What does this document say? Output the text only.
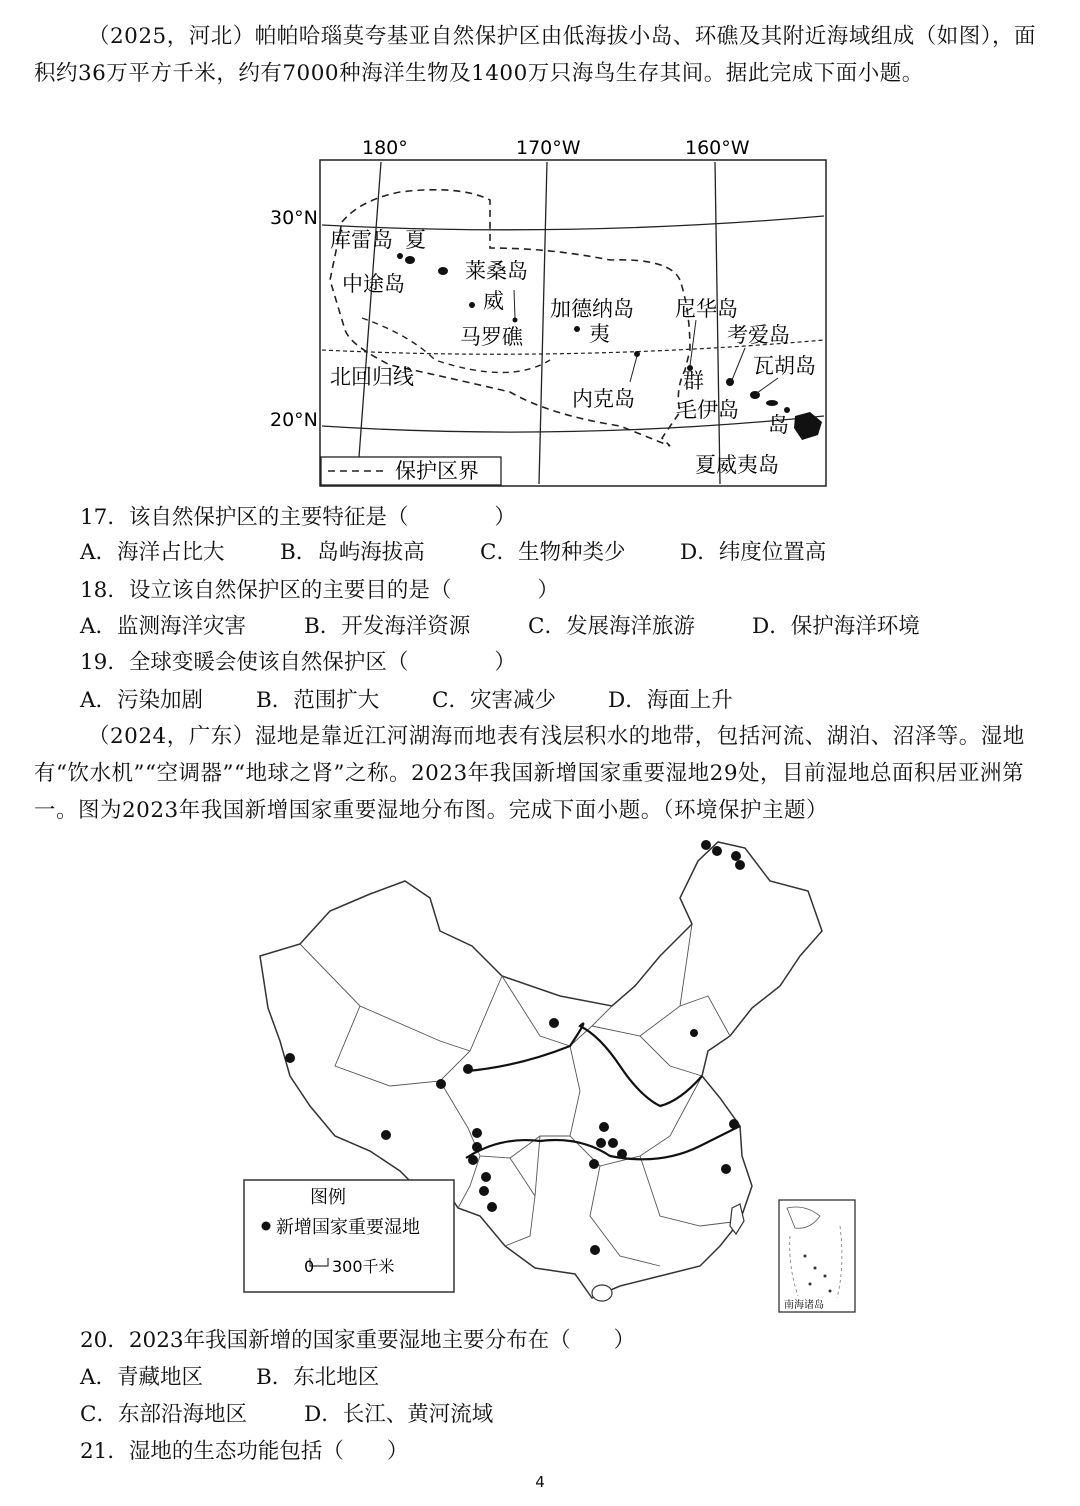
（2025，河北）帕帕哈瑙莫夸基亚自然保护区由低海拔小岛、环礁及其附近海域组成（如图），面积约36万平方千米，约有7000种海洋生物及1400万只海鸟生存其间。据此完成下面小题。
180°	170°W	160°W
30°N
20°N
库雷岛 夏
中途岛
莱桑岛
威
马罗礁
加德纳岛
夷
尼华岛
考爱岛
瓦胡岛
北回归线
内克岛
群
毛伊岛
岛
夏威夷岛
保护区界
17．该自然保护区的主要特征是（　　　　）
A．海洋占比大	B．岛屿海拔高	C．生物种类少	D．纬度位置高
18．设立该自然保护区的主要目的是（　　　　）
A．监测海洋灾害	B．开发海洋资源	C．发展海洋旅游	D．保护海洋环境
19．全球变暖会使该自然保护区（　　　　）
A．污染加剧 B．范围扩大 C．灾害减少 D．海面上升
（2024，广东）湿地是靠近江河湖海而地表有浅层积水的地带，包括河流、湖泊、沼泽等。湿地有“饮水机”“空调器”“地球之肾”之称。2023年我国新增国家重要湿地29处，目前湿地总面积居亚洲第一。图为2023年我国新增国家重要湿地分布图。完成下面小题。（环境保护主题）
图例
新增国家重要湿地
0 300千米
南海诸岛
20．2023年我国新增的国家重要湿地主要分布在（　　）
A．青藏地区 B．东北地区
C．东部沿海地区	D．长江、黄河流域
21．湿地的生态功能包括（　　）
4
